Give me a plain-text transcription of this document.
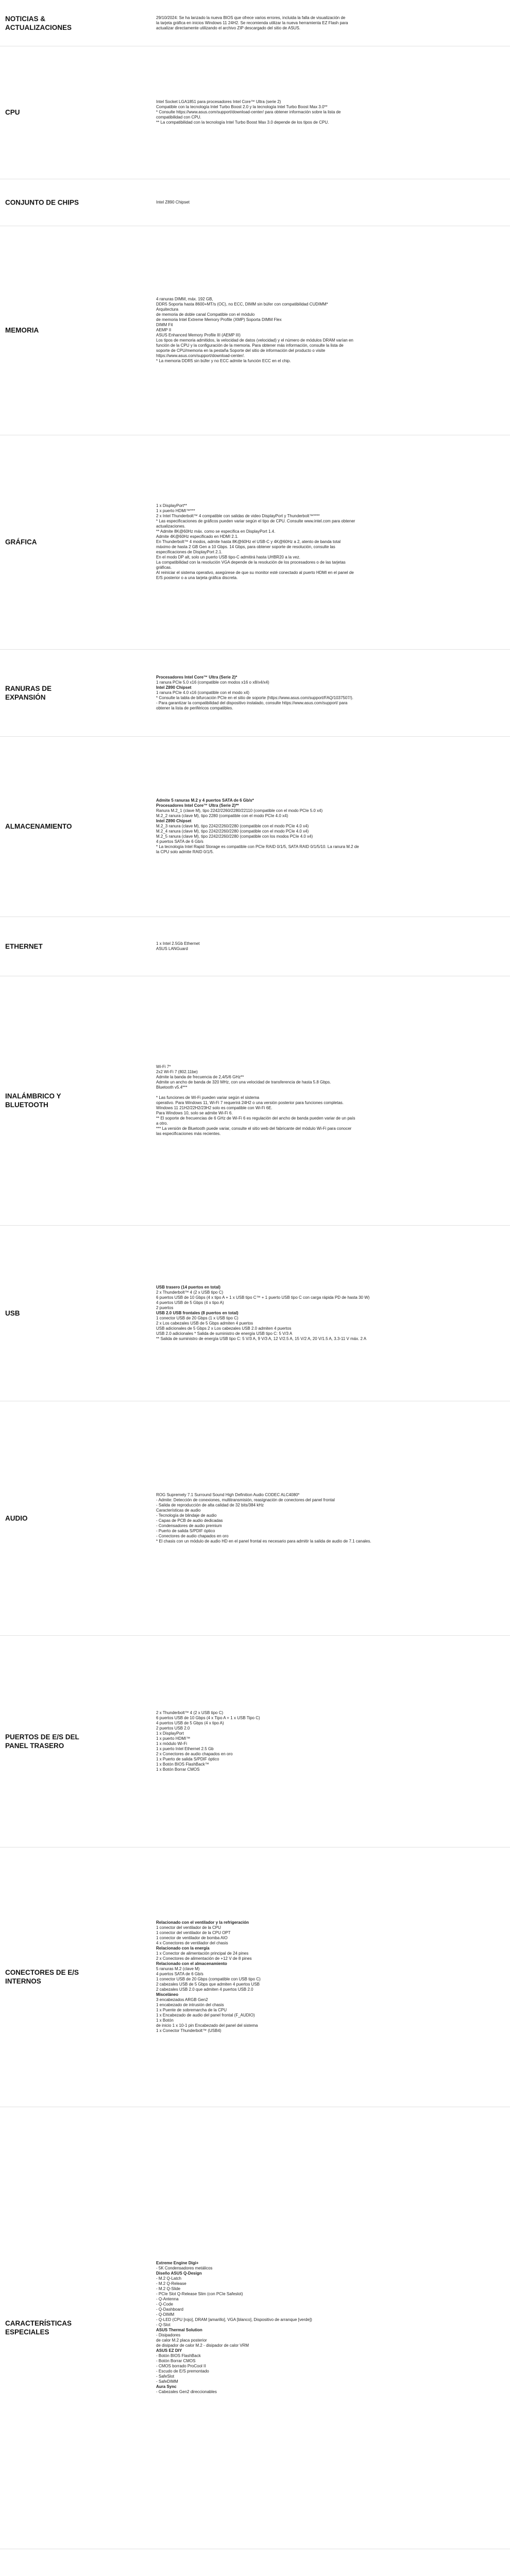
NOTICIAS &
ACTUALIZACIONES
29/10/2024: Se ha lanzado la nueva BIOS que ofrece varios errores, incluida la falla de visualización de
la tarjeta gráfica en inicios Windows 11 24H2. Se recomienda utilizar la nueva herramienta EZ Flash para
actualizar directamente utilizando el archivo ZIP descargado del sitio de ASUS.
CPU
Intel Socket LGA1851 para procesadores Intel Core™ Ultra (serie 2)
Compatible con la tecnología Intel Turbo Boost 2.0 y la tecnología Intel Turbo Boost Max 3.0**
* Consulte https://www.asus.com/support/download-center/ para obtener información sobre la lista de
compatibilidad con CPU.
** La compatibilidad con la tecnología Intel Turbo Boost Max 3.0 depende de los tipos de CPU.
CONJUNTO DE CHIPS	Intel Z890 Chipset
MEMORIA
4 ranuras DIMM, máx. 192 GB,
DDR5 Soporta hasta 8600+MT/s (OC), no ECC, DIMM sin búfer con compatibilidad CUDIMM*
Arquitectura
de memoria de doble canal Compatible con el módulo
de memoria Intel Extreme Memory Profile (XMP) Soporta DIMM Flex
DIMM Fit
AEMP II
ASUS Enhanced Memory Profile III (AEMP III)
Los tipos de memoria admitidos, la velocidad de datos (velocidad) y el número de módulos DRAM varían en
función de la CPU y la configuración de la memoria. Para obtener más información, consulte la lista de
soporte de CPU/memoria en la pestaña Soporte del sitio de información del producto o visite
https://www.asus.com/support/download-center/.
* La memoria DDR5 sin búfer y no ECC admite la función ECC en el chip.
GRÁFICA
1 x DisplayPort**
1 x puerto HDMI™***
2 x Intel Thunderbolt™ 4 compatible con salidas de video DisplayPort y Thunderbolt™****
* Las especificaciones de gráficos pueden variar según el tipo de CPU. Consulte www.intel.com para obtener
actualizaciones.
** Admite 8K@60Hz máx. como se especifica en DisplayPort 1.4.
Admite 4K@60Hz especificado en HDMI 2.1.
En Thunderbolt™ 4 modos, admite hasta 8K@60Hz el USB-C y 4K@60Hz a 2, atento de banda total
máximo de hasta 2 GB Gen a 10 Gbps. 14 Gbps, para obtener soporte de resolución, consulte las
especificaciones de DisplayPort 2.1.
En el modo DP alt, solo un puerto USB tipo-C admitirá hasta UHBR20 a la vez.
La compatibilidad con la resolución VGA depende de la resolución de los procesadores o de las tarjetas
gráficas.
Al reiniciar el sistema operativo, asegúrese de que su monitor esté conectado al puerto HDMI en el panel de
E/S posterior o a una tarjeta gráfica discreta.
RANURAS DE
EXPANSIÓN
Procesadores Intel Core™ Ultra (Serie 2)*
1 ranura PCIe 5.0 x16 (compatible con modos x16 o x8/x4/x4)
Intel Z890 Chipset
1 ranura PCIe 4.0 x16 (compatible con el modo x4)
* Consulte la tabla de bifurcación PCIe en el sitio de soporte (https://www.asus.com/support/FAQ/1037507/).
- Para garantizar la compatibilidad del dispositivo instalado, consulte https://www.asus.com/support/ para
obtener la lista de periféricos compatibles.
ALMACENAMIENTO
Admite 5 ranuras M.2 y 4 puertos SATA de 6 Gb/s*
Procesadores Intel Core™ Ultra (Serie 2)**
Ranura M.2_1 (clave M), tipo 2242/2260/2280/22110 (compatible con el modo PCIe 5.0 x4)
M.2_2 ranura (clave M), tipo 2280 (compatible con el modo PCIe 4.0 x4)
Intel Z890 Chipset
M.2_3 ranura (clave M), tipo 2242/2260/2280 (compatible con el modo PCIe 4.0 x4)
M.2_4 ranura (clave M), tipo 2242/2260/2280 (compatible con el modo PCIe 4.0 x4)
M.2_5 ranura (clave M), tipo 2242/2260/2280 (compatible con los modos PCIe 4.0 x4)
4 puertos SATA de 6 Gb/s
* La tecnología Intel Rapid Storage es compatible con PCIe RAID 0/1/5, SATA RAID 0/1/5/10. La ranura M.2 de
la CPU solo admite RAID 0/1/5.
ETHERNET	1 x Intel 2.5Gb Ethernet
ASUS LANGuard
INALÁMBRICO Y
BLUETOOTH
Wi-Fi 7*
2x2 Wi-Fi 7 (802.11be)
Admite la banda de frecuencia de 2,4/5/6 GHz**
Admite un ancho de banda de 320 MHz, con una velocidad de transferencia de hasta 5.8 Gbps.
Bluetooth v5.4***
* Las funciones de Wi-Fi pueden variar según el sistema
operativo. Para Windows 11, Wi-Fi 7 requerirá 24H2 o una versión posterior para funciones completas.
Windows 11 21H2/22H2/23H2 solo es compatible con Wi-Fi 6E.
Para Windows 10, solo se admite Wi-Fi 6.
** El soporte de frecuencias de 6 GHz de Wi-Fi 6 es regulación del ancho de banda pueden variar de un país
a otro.
*** La versión de Bluetooth puede variar, consulte el sitio web del fabricante del módulo Wi-Fi para conocer
las especificaciones más recientes.
USB
USB trasero (14 puertos en total)
2 x Thunderbolt™ 4 (2 x USB tipo C)
6 puertos USB de 10 Gbps (4 x tipo A + 1 x USB tipo C™ + 1 puerto USB tipo C con carga rápida PD de hasta 30 W)
4 puertos USB de 5 Gbps (4 x tipo A)
2 puertos
USB 2.0 USB frontales (8 puertos en total)
1 conector USB de 20 Gbps (1 x USB tipo C)
2 x Los cabezales USB de 5 Gbps admiten 4 puertos
USB adicionales de 5 Gbps 2 x Los cabezales USB 2.0 admiten 4 puertos
USB 2.0 adicionales * Salida de suministro de energía USB tipo C: 5 V/3 A
** Salida de suministro de energía USB tipo C: 5 V/3 A, 9 V/3 A, 12 V/2.5 A, 15 V/2 A, 20 V/1.5 A, 3.3-11 V máx. 2 A
AUDIO
ROG Supremely 7.1 Surround Sound High Definition Audio CODEC ALC4080*
- Admite: Detección de conexiones, multitransmisión, reasignación de conectores del panel frontal
- Salida de reproducción de alta calidad de 32 bits/384 kHz
Características de audio
- Tecnología de blindaje de audio
- Capas de PCB de audio dedicadas
- Condensadores de audio premium
- Puerto de salida S/PDIF óptico
- Conectores de audio chapados en oro
* El chasis con un módulo de audio HD en el panel frontal es necesario para admitir la salida de audio de 7.1 canales.
PUERTOS DE E/S DEL
PANEL TRASERO
2 x Thunderbolt™ 4 (2 x USB tipo C)
6 puertos USB de 10 Gbps (4 x Tipo A + 1 x USB Tipo C)
4 puertos USB de 5 Gbps (4 x tipo A)
2 puertos USB 2.0
1 x DisplayPort
1 x puerto HDMI™
1 x módulo Wi-Fi
1 x puerto Intel Ethernet 2.5 Gb
2 x Conectores de audio chapados en oro
1 x Puerto de salida S/PDIF óptico
1 x Botón BIOS FlashBack™
1 x Botón Borrar CMOS
CONECTORES DE E/S
INTERNOS
Relacionado con el ventilador y la refrigeración
1 conector del ventilador de la CPU
1 conector del ventilador de la CPU OPT
1 conector de ventilador de bomba AIO
4 x Conectores de ventilador del chasis
Relacionado con la energía
1 x Conector de alimentación principal de 24 pines
2 x Conectores de alimentación de +12 V de 8 pines
Relacionado con el almacenamiento
5 ranuras M.2 (clave M)
4 puertos SATA de 6 Gb/s
1 conector USB de 20 Gbps (compatible con USB tipo C)
2 cabezales USB de 5 Gbps que admiten 4 puertos USB
2 cabezales USB 2.0 que admiten 4 puertos USB 2.0
Misceláneo
3 encabezados ARGB Gen2
1 encabezado de intrusión del chasis
1 x Puente de sobremarcha de la CPU
1 x Encabezado de audio del panel frontal (F_AUDIO)
1 x Botón
de inicio 1 x 10-1 pin Encabezado del panel del sistema
1 x Conector Thunderbolt™ (USB4)
CARACTERÍSTICAS
ESPECIALES
Extreme Engine Digi+
- 5K Condensadores metálicos
Diseño ASUS Q-Design
- M.2 Q-Latch
- M.2 Q-Release
- M.2 Q-Slide
- PCIe Slot Q-Release Slim (con PCIe Safeslot)
- Q-Antenna
- Q-Code
- Q-Dashboard
- Q-DIMM
- Q-LED (CPU [rojo], DRAM [amarillo], VGA [blanco], Dispositivo de arranque [verde])
- Q-Slot
ASUS Thermal Solution
- Disipadores
de calor M.2 placa posterior
de disipador de calor M.2 - disipador de calor VRM
ASUS EZ DIY
- Botón BIOS FlashBack
- Botón Borrar CMOS
- CMOS borrado ProCool II
- Escudo de E/S premontado
- SafeSlot
- SafeDIMM
Aura Sync
- Cabezales Gen2 direccionables
